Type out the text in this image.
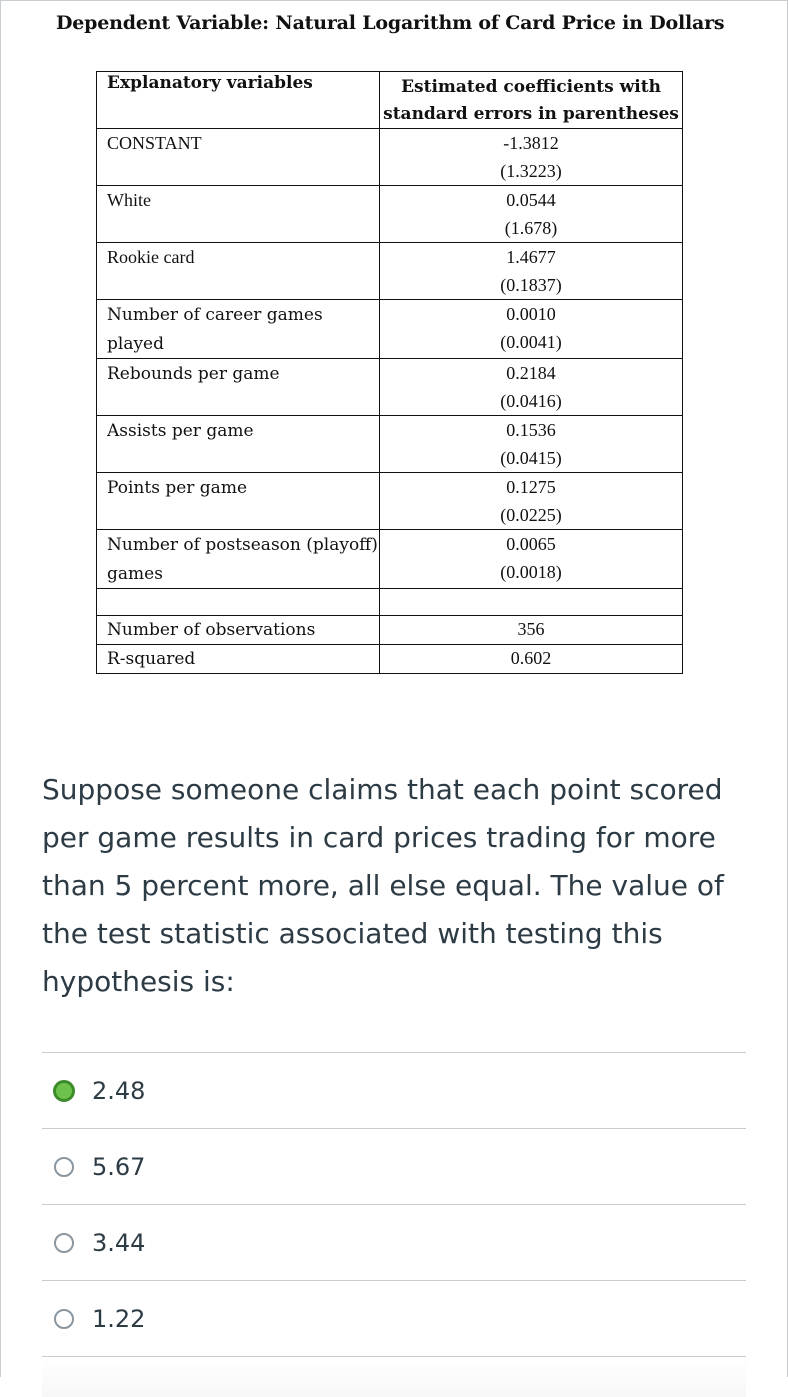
Dependent Variable: Natural Logarithm of Card Price in Dollars
Explanatory variables	Estimated coefficients with
standard errors in parentheses

CONSTANT	-1.3812
(1.3223)

White	0.0544
(1.678)

Rookie card	1.4677
(0.1837)

Number of career games played	0.0010
(0.0041)

Rebounds per game	0.2184
(0.0416)

Assists per game	0.1536
(0.0415)

Points per game	0.1275
(0.0225)

Number of postseason (playoff) games	0.0065
(0.0018)

Number of observations	356
R-squared	0.602
Suppose someone claims that each point scored per game results in card prices trading for more than 5 percent more, all else equal. The value of the test statistic associated with testing this hypothesis is:
2.48
5.67
3.44
1.22
